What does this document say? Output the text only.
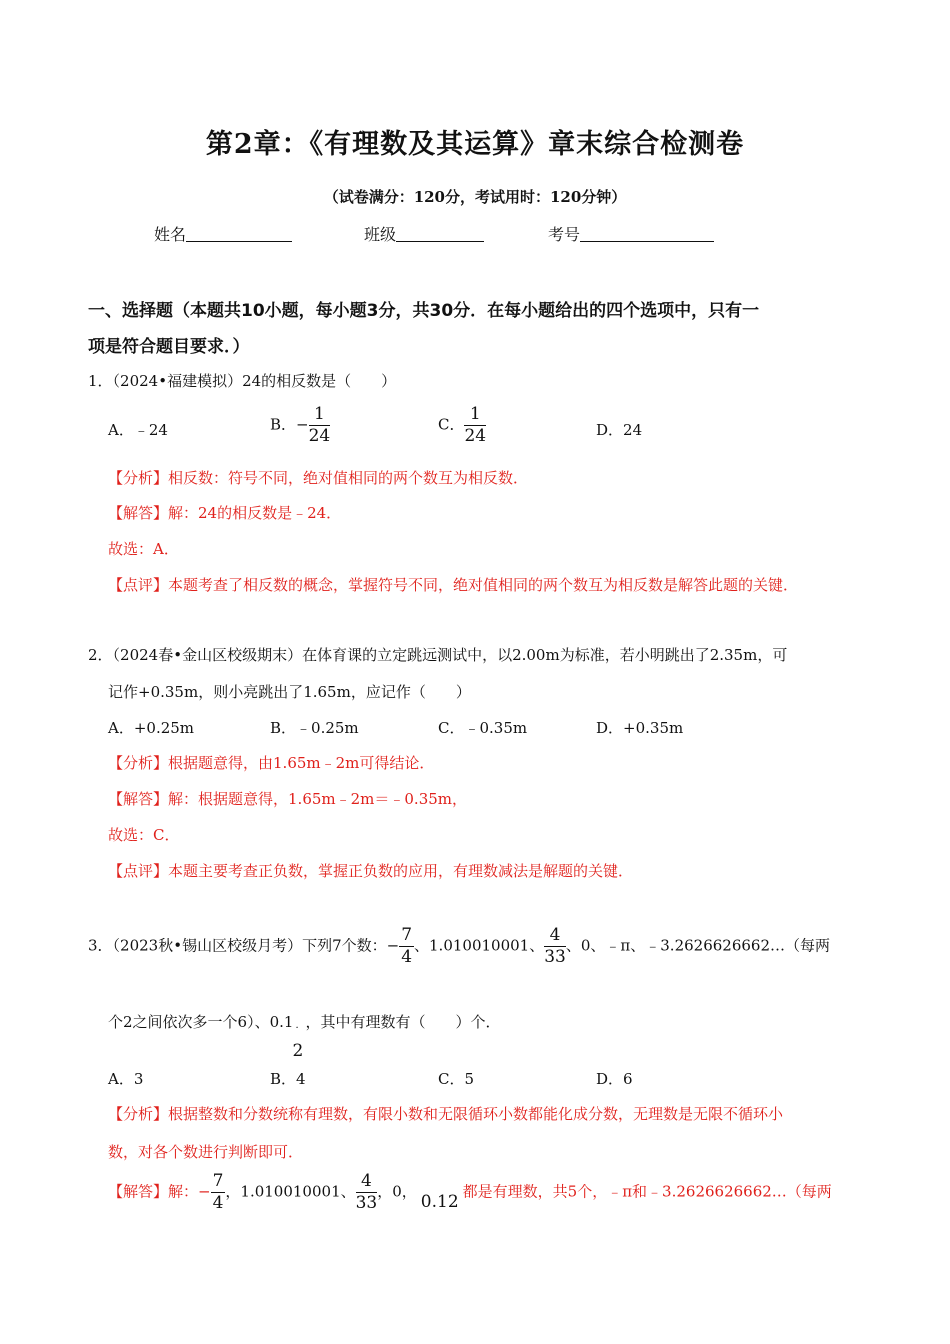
第2章：《有理数及其运算》章末综合检测卷
（试卷满分：120分，考试用时：120分钟）
姓名	班级	考号
一、选择题（本题共10小题，每小题3分，共30分．在每小题给出的四个选项中，只有一
项是符合题目要求．）
1．（2024•福建模拟）24的相反数是（　　）
A．﹣24	B．− $\frac{1}{24}$	C． $\frac{1}{24}$	D．24
【分析】相反数：符号不同，绝对值相同的两个数互为相反数．
【解答】解：24的相反数是﹣24．
故选：A．
【点评】本题考查了相反数的概念，掌握符号不同，绝对值相同的两个数互为相反数是解答此题的关键．
2．（2024春•金山区校级期末）在体育课的立定跳远测试中，以2.00m为标准，若小明跳出了2.35m，可
记作+0.35m，则小亮跳出了1.65m，应记作（　　）
A．+0.25m	B．﹣0.25m	C．﹣0.35m	D．+0.35m
【分析】根据题意得，由1.65m﹣2m可得结论．
【解答】解：根据题意得，1.65m﹣2m＝﹣0.35m，
故选：C．
【点评】本题主要考查正负数，掌握正负数的应用，有理数减法是解题的关键．
3．（2023秋•锡山区校级月考）下列7个数：− $\frac{7}{4}$ 、1.010010001、 $\frac{4}{33}$ 、0、﹣π、﹣3.2626626662…（每两
个2之间依次多一个6）、0.1 ·
2
，其中有理数有（　　）个．
A．3	B．4	C．5	D．6
【分析】根据整数和分数统称有理数，有限小数和无限循环小数都能化成分数，无理数是无限不循环小
数，对各个数进行判断即可．
【解答】解：− $\frac{7}{4}$ ，1.010010001、 $\frac{4}{33}$ ，0， 0.12 都是有理数，共5个，﹣π和﹣3.2626626662…（每两
